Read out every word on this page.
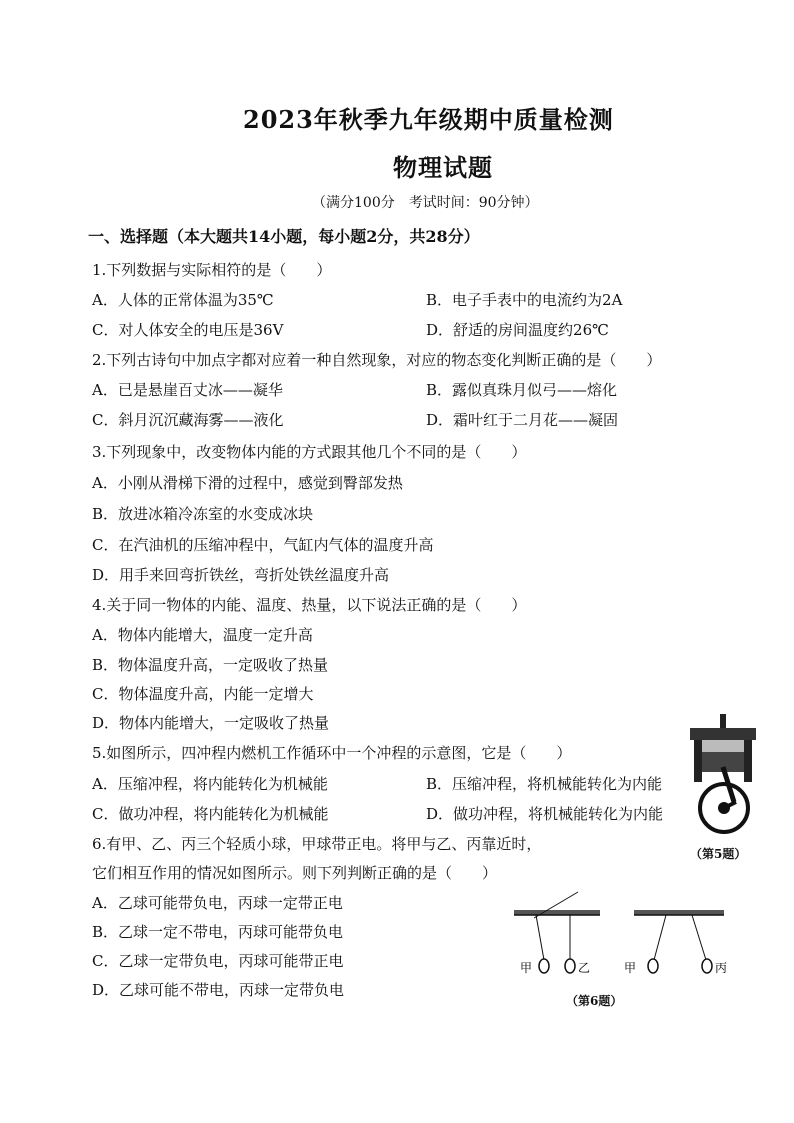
2023年秋季九年级期中质量检测
物理试题
（满分100分　考试时间：90分钟）
一、选择题（本大题共14小题，每小题2分，共28分）
1.下列数据与实际相符的是（　　）
A．人体的正常体温为35℃	B．电子手表中的电流约为2A
C．对人体安全的电压是36V	D．舒适的房间温度约26℃
2.下列古诗句中加点字都对应着一种自然现象，对应的物态变化判断正确的是（　　）
A．已是悬崖百丈冰——凝华	B．露似真珠月似弓——熔化
C．斜月沉沉藏海雾——液化	D．霜叶红于二月花——凝固
3.下列现象中，改变物体内能的方式跟其他几个不同的是（　　）
A．小刚从滑梯下滑的过程中，感觉到臀部发热
B．放进冰箱冷冻室的水变成冰块
C．在汽油机的压缩冲程中，气缸内气体的温度升高
D．用手来回弯折铁丝，弯折处铁丝温度升高
4.关于同一物体的内能、温度、热量，以下说法正确的是（　　）
A．物体内能增大，温度一定升高
B．物体温度升高，一定吸收了热量
C．物体温度升高，内能一定增大
D．物体内能增大，一定吸收了热量
5.如图所示，四冲程内燃机工作循环中一个冲程的示意图，它是（　　）
A．压缩冲程，将内能转化为机械能	B．压缩冲程，将机械能转化为内能
C．做功冲程，将内能转化为机械能	D．做功冲程，将机械能转化为内能
6.有甲、乙、丙三个轻质小球，甲球带正电。将甲与乙、丙靠近时，
它们相互作用的情况如图所示。则下列判断正确的是（　　）
A．乙球可能带负电，丙球一定带正电
B．乙球一定不带电，丙球可能带负电
C．乙球一定带负电，丙球可能带正电
D．乙球可能不带电，丙球一定带负电
（第5题）
甲	乙	甲	丙
（第6题）
